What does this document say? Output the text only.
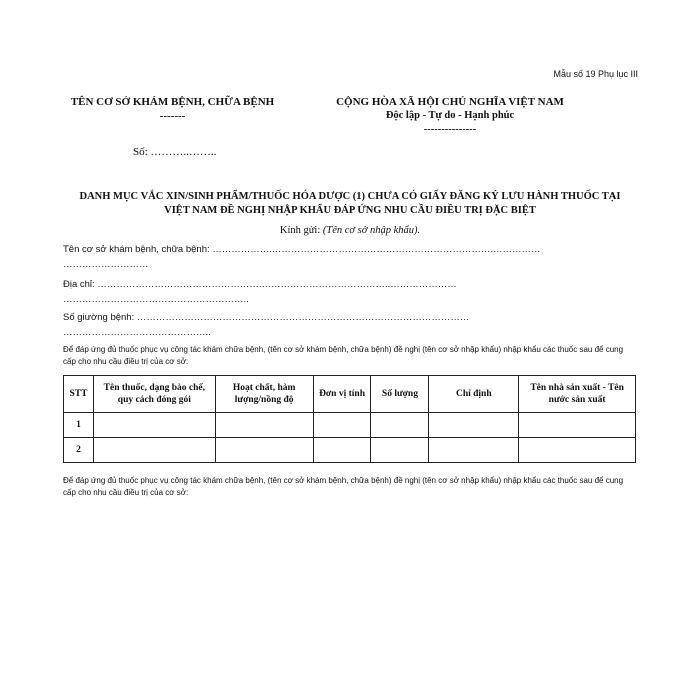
Mẫu số 19 Phụ lục III
TÊN CƠ SỞ KHÁM BỆNH, CHỮA BỆNH
-------
CỘNG HÒA XÃ HỘI CHỦ NGHĨA VIỆT NAM
Độc lập - Tự do - Hạnh phúc
---------------
Số: ………..……..
DANH MỤC VẮC XIN/SINH PHẨM/THUỐC HÓA DƯỢC (1) CHƯA CÓ GIẤY ĐĂNG KÝ LƯU HÀNH THUỐC TẠI
VIỆT NAM ĐỀ NGHỊ NHẬP KHẨU ĐÁP ỨNG NHU CẦU ĐIỀU TRỊ ĐẶC BIỆT
Kính gửi: (Tên cơ sở nhập khẩu).
Tên cơ sở khám bệnh, chữa bệnh: ……………….…………………………………………………………….……………
………………………
Địa chỉ: …………………………………………….…………………………………..…………………
…………………………………………………..
Số giường bệnh: ……………………………………………………………………………………………
………………………………………..
Để đáp ứng đủ thuốc phục vụ công tác khám chữa bệnh, (tên cơ sở khám bệnh, chữa bệnh) đề nghị (tên cơ sở nhập khẩu) nhập khẩu các thuốc sau để cung cấp cho nhu cầu điều trị của cơ sở:
STT	Tên thuốc, dạng bào chế, quy cách đóng gói	Hoạt chất, hàm lượng/nồng độ	Đơn vị tính	Số lượng	Chỉ định	Tên nhà sản xuất - Tên nước sản xuất
1						
2						
Để đáp ứng đủ thuốc phục vụ công tác khám chữa bệnh, (tên cơ sở khám bệnh, chữa bệnh) đề nghị (tên cơ sở nhập khẩu) nhập khẩu các thuốc sau để cung cấp cho nhu cầu điều trị của cơ sở:
